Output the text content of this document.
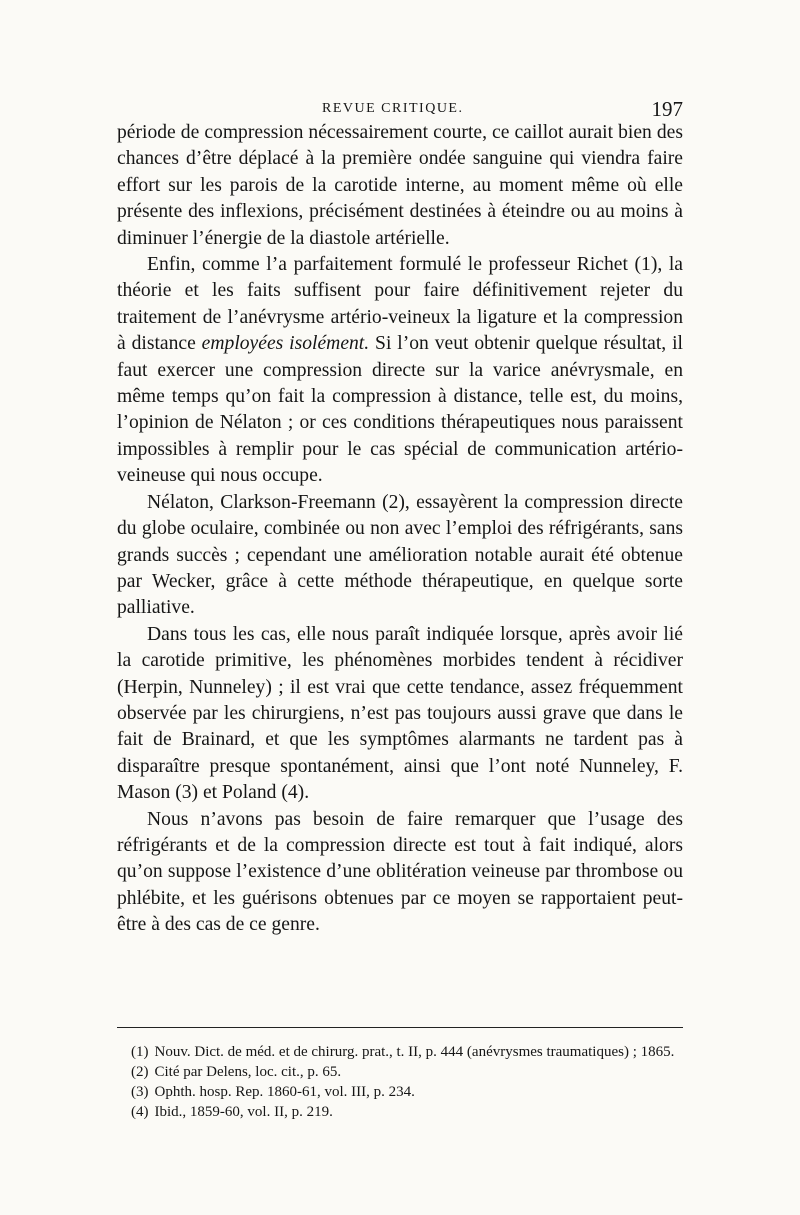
REVUE CRITIQUE.	197

période de compression nécessairement courte, ce caillot aurait bien des chances d’être déplacé à la première ondée sanguine qui viendra faire effort sur les parois de la carotide interne, au moment même où elle présente des inflexions, précisément destinées à éteindre ou au moins à diminuer l’énergie de la diastole artérielle.

Enfin, comme l’a parfaitement formulé le professeur Richet (1), la théorie et les faits suffisent pour faire définitivement rejeter du traitement de l’anévrysme artério-veineux la ligature et la compression à distance employées isolément. Si l’on veut obtenir quelque résultat, il faut exercer une compression directe sur la varice anévrysmale, en même temps qu’on fait la compression à distance, telle est, du moins, l’opinion de Nélaton ; or ces conditions thérapeutiques nous paraissent impossibles à remplir pour le cas spécial de communication artério-veineuse qui nous occupe.

Nélaton, Clarkson-Freemann (2), essayèrent la compression directe du globe oculaire, combinée ou non avec l’emploi des réfrigérants, sans grands succès ; cependant une amélioration notable aurait été obtenue par Wecker, grâce à cette méthode thérapeutique, en quelque sorte palliative.

Dans tous les cas, elle nous paraît indiquée lorsque, après avoir lié la carotide primitive, les phénomènes morbides tendent à récidiver (Herpin, Nunneley) ; il est vrai que cette tendance, assez fréquemment observée par les chirurgiens, n’est pas toujours aussi grave que dans le fait de Brainard, et que les symptômes alarmants ne tardent pas à disparaître presque spontanément, ainsi que l’ont noté Nunneley, F. Mason (3) et Poland (4).

Nous n’avons pas besoin de faire remarquer que l’usage des réfrigérants et de la compression directe est tout à fait indiqué, alors qu’on suppose l’existence d’une oblitération veineuse par thrombose ou phlébite, et les guérisons obtenues par ce moyen se rapportaient peut-être à des cas de ce genre.

(1) Nouv. Dict. de méd. et de chirurg. prat., t. II, p. 444 (anévrysmes traumatiques) ; 1865.

(2) Cité par Delens, loc. cit., p. 65.

(3) Ophth. hosp. Rep. 1860-61, vol. III, p. 234.

(4) Ibid., 1859-60, vol. II, p. 219.
